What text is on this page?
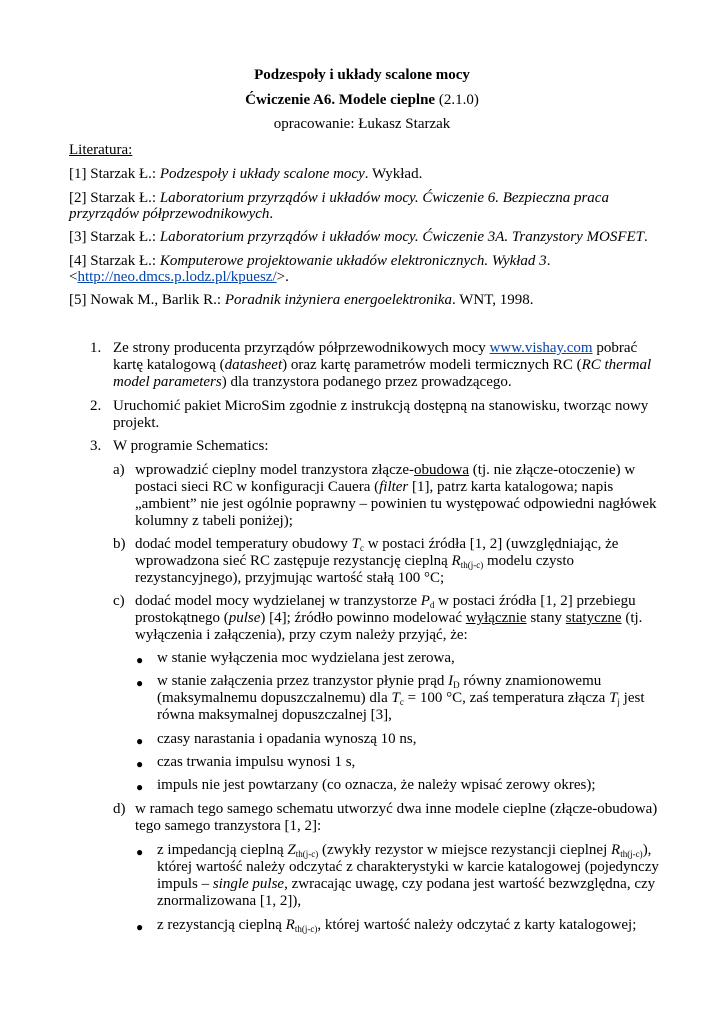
Podzespoły i układy scalone mocy
Ćwiczenie A6. Modele cieplne (2.1.0)
opracowanie: Łukasz Starzak
Literatura:
[1] Starzak Ł.: Podzespoły i układy scalone mocy. Wykład.
[2] Starzak Ł.: Laboratorium przyrządów i układów mocy. Ćwiczenie 6. Bezpieczna praca
przyrządów półprzewodnikowych.
[3] Starzak Ł.: Laboratorium przyrządów i układów mocy. Ćwiczenie 3A. Tranzystory MOSFET.
[4] Starzak Ł.: Komputerowe projektowanie układów elektronicznych. Wykład 3.
<http://neo.dmcs.p.lodz.pl/kpuesz/>.
[5] Nowak M., Barlik R.: Poradnik inżyniera energoelektronika. WNT, 1998.
1. Ze strony producenta przyrządów półprzewodnikowych mocy www.vishay.com pobrać
kartę katalogową (datasheet) oraz kartę parametrów modeli termicznych RC (RC thermal
model parameters) dla tranzystora podanego przez prowadzącego.
2. Uruchomić pakiet MicroSim zgodnie z instrukcją dostępną na stanowisku, tworząc nowy
projekt.
3. W programie Schematics:
a) wprowadzić cieplny model tranzystora złącze-obudowa (tj. nie złącze-otoczenie) w
postaci sieci RC w konfiguracji Cauera (filter [1], patrz karta katalogowa; napis
„ambient” nie jest ogólnie poprawny – powinien tu występować odpowiedni nagłówek
kolumny z tabeli poniżej);
b) dodać model temperatury obudowy $T_c$ w postaci źródła [1, 2] (uwzględniając, że
wprowadzona sieć RC zastępuje rezystancję cieplną $R_{th(j-c)}$ modelu czysto
rezystancyjnego), przyjmując wartość stałą 100 °C;
c) dodać model mocy wydzielanej w tranzystorze $P_d$ w postaci źródła [1, 2] przebiegu
prostokątnego (pulse) [4]; źródło powinno modelować wyłącznie stany statyczne (tj.
wyłączenia i załączenia), przy czym należy przyjąć, że:
● w stanie wyłączenia moc wydzielana jest zerowa,
● w stanie załączenia przez tranzystor płynie prąd $I_D$ równy znamionowemu
(maksymalnemu dopuszczalnemu) dla $T_c = 100$ °C, zaś temperatura złącza $T_j$ jest
równa maksymalnej dopuszczalnej [3],
● czasy narastania i opadania wynoszą 10 ns,
● czas trwania impulsu wynosi 1 s,
● impuls nie jest powtarzany (co oznacza, że należy wpisać zerowy okres);
d) w ramach tego samego schematu utworzyć dwa inne modele cieplne (złącze-obudowa)
tego samego tranzystora [1, 2]:
● z impedancją cieplną $Z_{th(j-c)}$ (zwykły rezystor w miejsce rezystancji cieplnej $R_{th(j-c)}$),
której wartość należy odczytać z charakterystyki w karcie katalogowej (pojedynczy
impuls – single pulse, zwracając uwagę, czy podana jest wartość bezwzględna, czy
znormalizowana [1, 2]),
● z rezystancją cieplną $R_{th(j-c)}$, której wartość należy odczytać z karty katalogowej;
